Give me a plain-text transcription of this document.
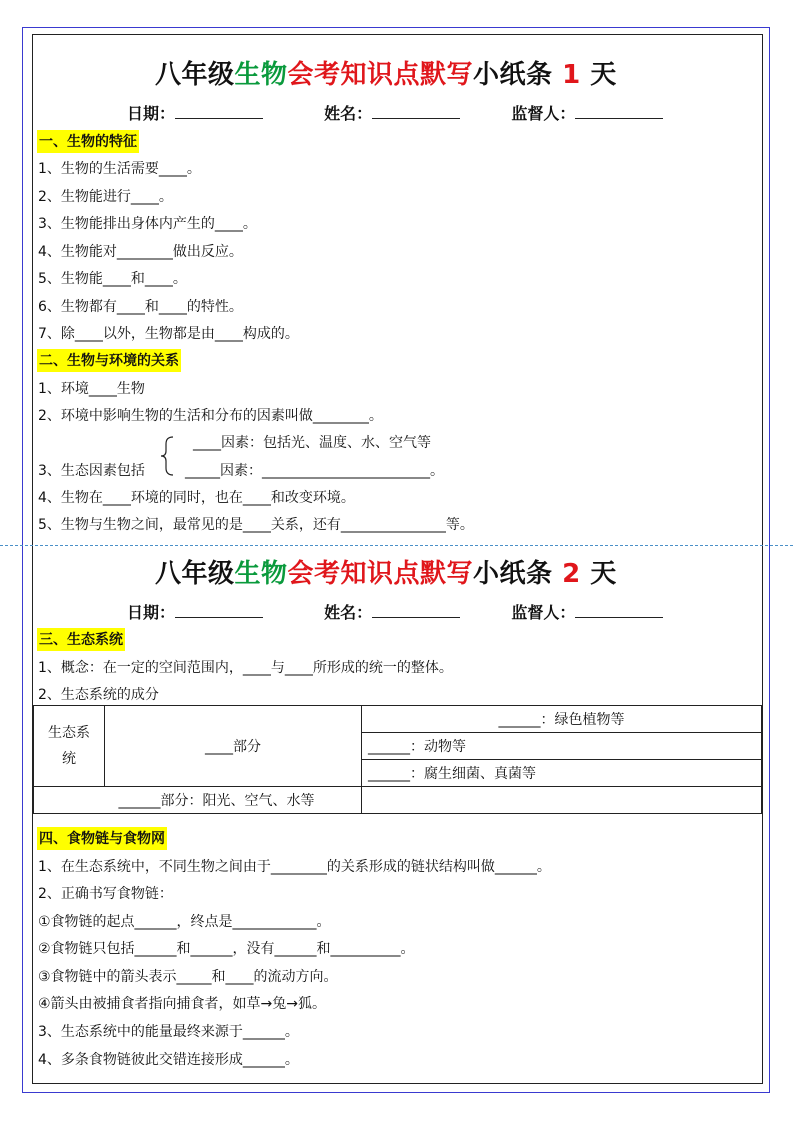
八年级生物会考知识点默写小纸条 1 天
日期：	姓名：	监督人：
一、生物的特征
1、生物的生活需要____。
2、生物能进行____。
3、生物能排出身体内产生的____。
4、生物能对________做出反应。
5、生物能____和____。
6、生物都有____和____的特性。
7、除____以外，生物都是由____构成的。
二、生物与环境的关系
1、环境____生物
2、环境中影响生物的生活和分布的因素叫做________。
____因素：包括光、温度、水、空气等
3、生态因素包括	_____因素：________________________。
4、生物在____环境的同时，也在____和改变环境。
5、生物与生物之间，最常见的是____关系，还有_______________等。
八年级生物会考知识点默写小纸条 2 天
日期：	姓名：	监督人：
三、生态系统
1、概念：在一定的空间范围内，____与____所形成的统一的整体。
2、生态系统的成分
生态系
统	____部分	______：绿色植物等
		______：动物等
		______：腐生细菌、真菌等
	______部分：阳光、空气、水等	
四、食物链与食物网
1、在生态系统中，不同生物之间由于________的关系形成的链状结构叫做______。
2、正确书写食物链：
①食物链的起点______，终点是____________。
②食物链只包括______和______，没有______和__________。
③食物链中的箭头表示_____和____的流动方向。
④箭头由被捕食者指向捕食者，如草→兔→狐。
3、生态系统中的能量最终来源于______。
4、多条食物链彼此交错连接形成______。
